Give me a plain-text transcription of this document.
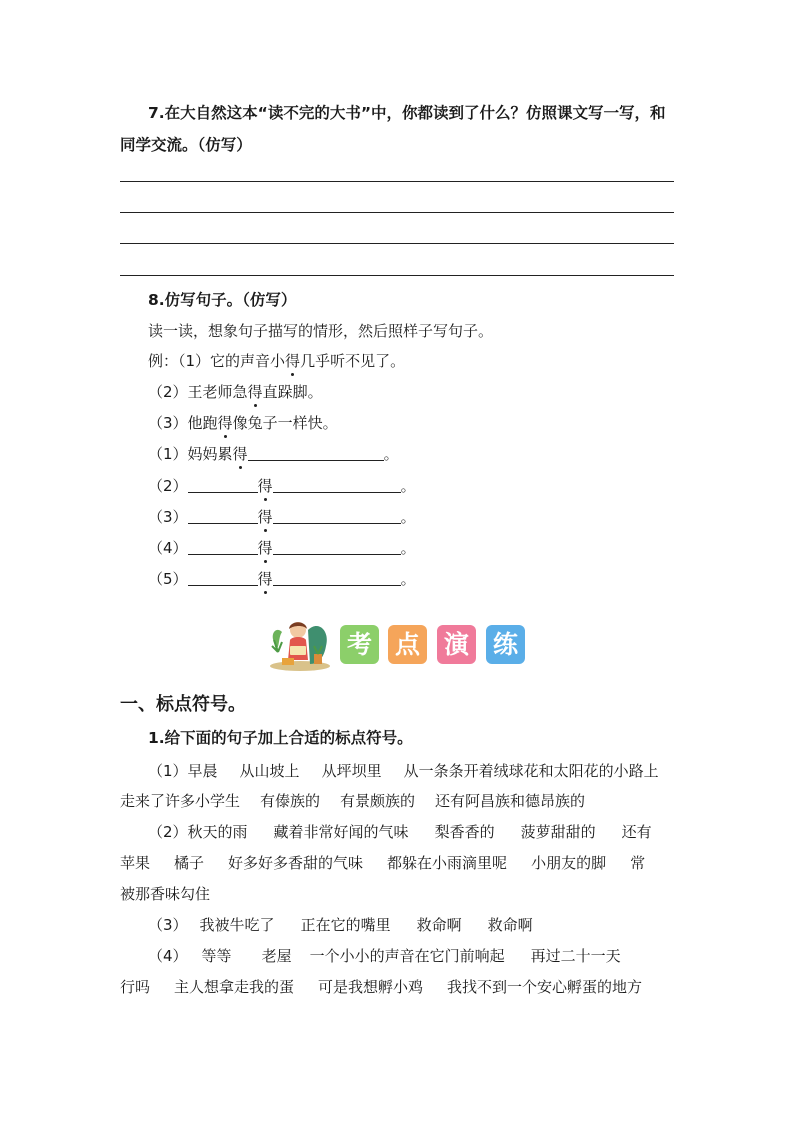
7.在大自然这本“读不完的大书”中，你都读到了什么？仿照课文写一写，和
同学交流。（仿写）
8.仿写句子。（仿写）
读一读，想象句子描写的情形，然后照样子写句子。
例：（1）它的声音小得几乎听不见了。
（2）王老师急得直跺脚。
（3）他跑得像兔子一样快。
（1）妈妈累得	。
（2）	得	。
（3）	得	。
（4）	得	。
（5）	得	。
考 点 演 练
一、标点符号。
1.给下面的句子加上合适的标点符号。
（1）早晨 从山坡上 从坪坝里 从一条条开着绒球花和太阳花的小路上
走来了许多小学生 有傣族的 有景颇族的 还有阿昌族和德昂族的
（2）秋天的雨 藏着非常好闻的气味 梨香香的 菠萝甜甜的 还有
苹果 橘子 好多好多香甜的气味 都躲在小雨滴里呢 小朋友的脚 常
被那香味勾住
（3） 我被牛吃了 正在它的嘴里 救命啊 救命啊
（4） 等等 老屋 一个小小的声音在它门前响起 再过二十一天
行吗 主人想拿走我的蛋 可是我想孵小鸡 我找不到一个安心孵蛋的地方
